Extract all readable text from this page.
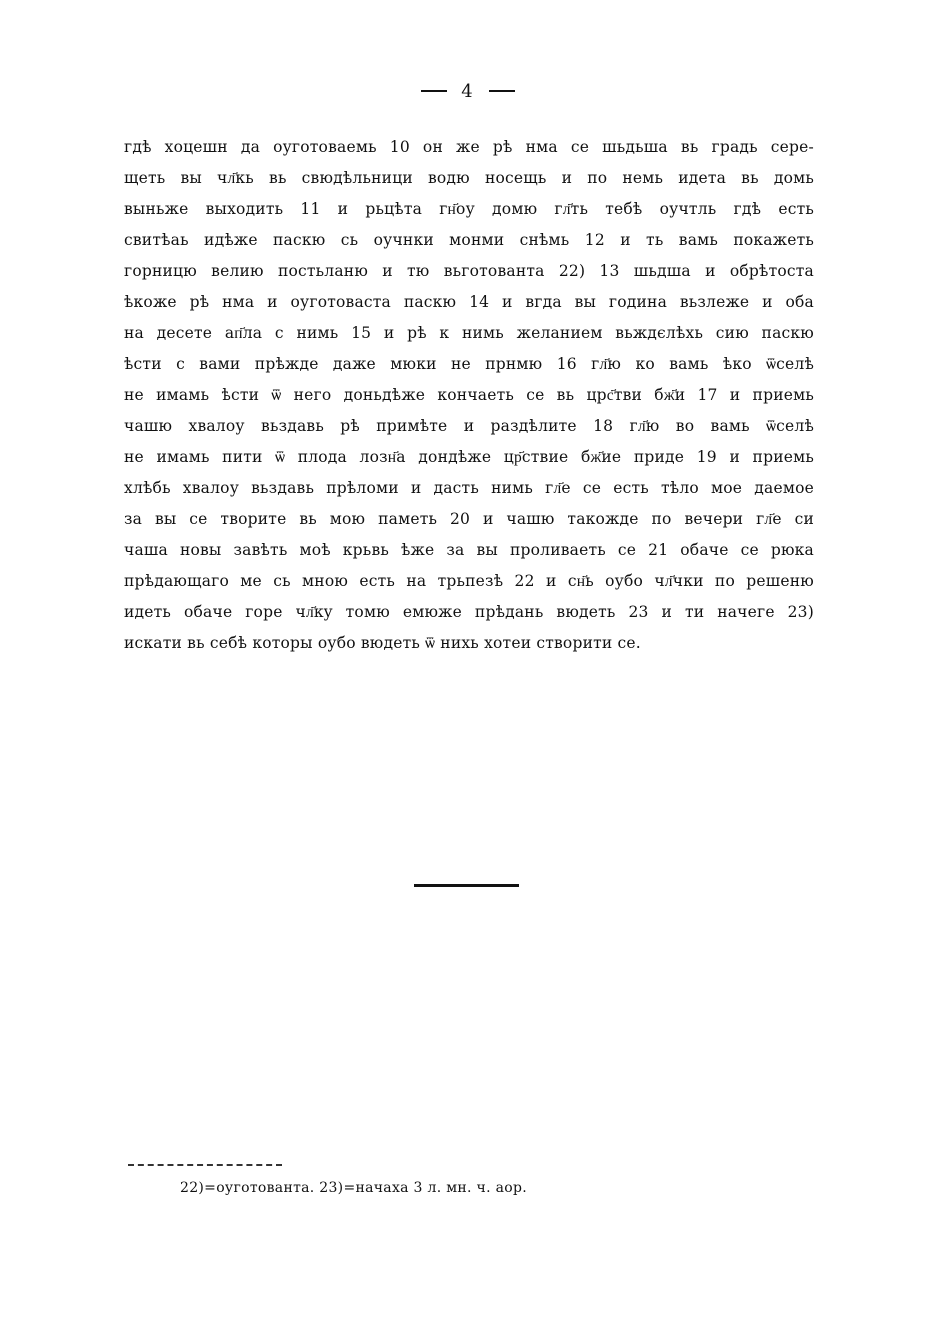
4
гдѣ хоцешн да оуготоваемь 10 он же рѣ нма се шьдьша вь градь сере-
щеть вы чл҃кь вь свюдѣльници водю носещь и по немь идета вь домь
выньже выходить 11 и рьцѣта гн҃оу домю гл҃ть тебѣ оучтль гдѣ есть
свитѣаь идѣже паскю сь оучнки монми снѣмь 12 и ть вамь покажеть
горницю велию постьланю и тю вьготовaнта 22) 13 шьдша и обрѣтоста
ѣкоже рѣ нма и оуготовaста паскю 14 и вгда вы година вьзлеже и оба
на десете ап҃ла с нимь 15 и рѣ к нимь желанием вьждєлѣхь сию паскю
ѣсти с вами прѣжде даже мюки не прнмю 16 гл҃ю ко вамь ѣко ѿселѣ
не имамь ѣсти ѿ него доньдѣже кончаеть се вь црс҃тви бж҃и 17 и приемь
чашю хвалоу вьздавь рѣ примѣте и раздѣлите 18 гл҃ю во вамь ѿселѣ
не имамь пити ѿ плода лозн҃а дондѣже цр҃ствие бж҃ие приде 19 и приемь
хлѣбь хвалоу вьздавь прѣломи и дасть нимь гл҃е се есть тѣло мое даемое
за вы се творите вь мою паметь 20 и чашю такожде по вечери гл҃е си
чаша новы завѣть моѣ крьвь ѣже за вы проливаеть се 21 обаче се рюка
прѣдающаго ме сь мною есть на трьпезѣ 22 и сн҃ь оубо чл҃чки по решеню
идеть обаче горе чл҃кy томю емюже прѣдань вюдеть 23 и ти начеге 23)
искати вь себѣ которы оубо вюдеть ѿ нихь хотеи створити се.
22)=оуготовaнта. 23)=начаxа 3 л. мн. ч. аор.
